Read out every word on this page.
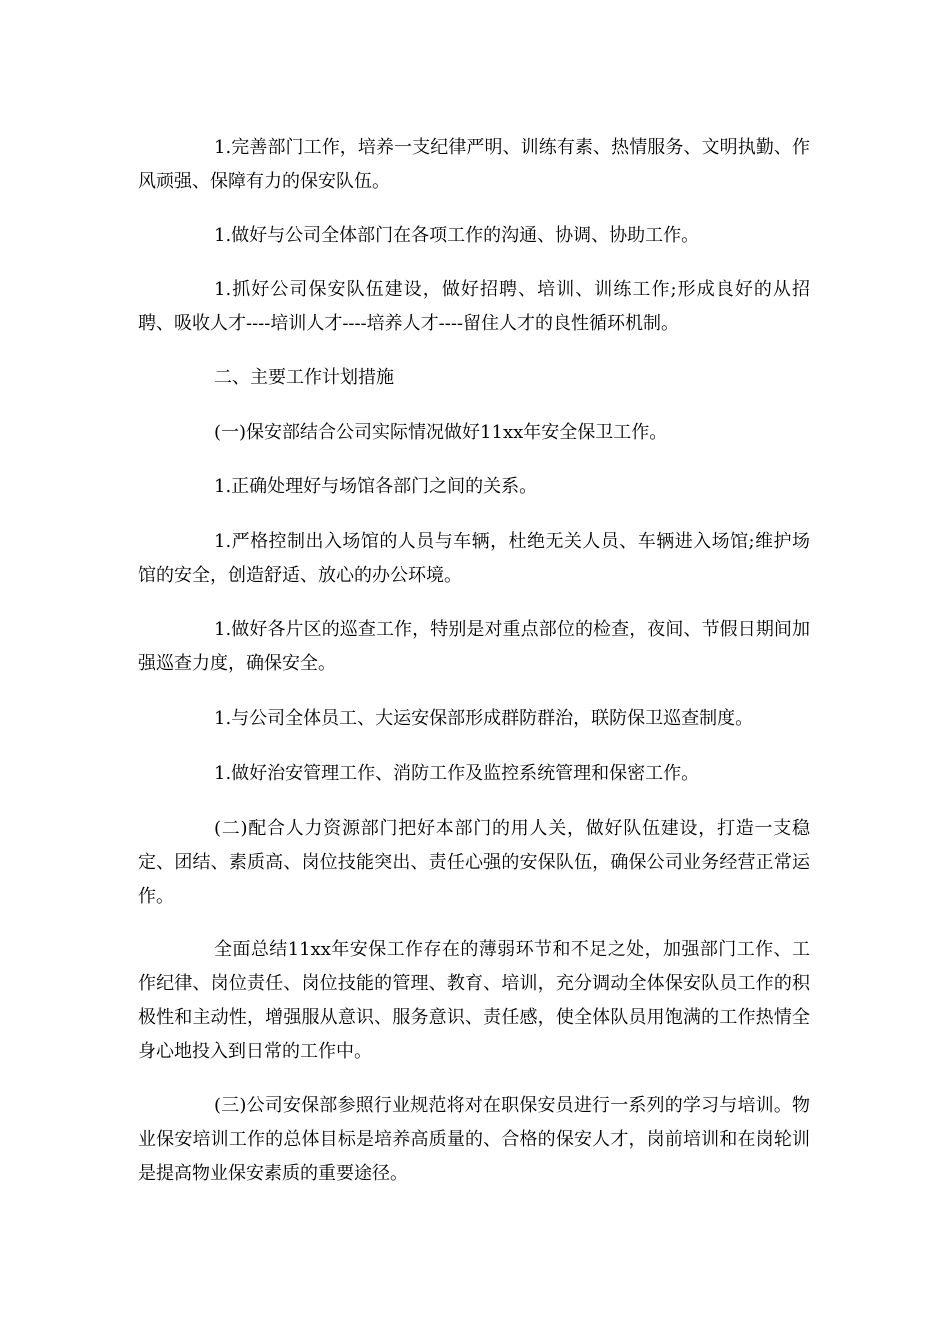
1.完善部门工作，培养一支纪律严明、训练有素、热情服务、文明执勤、作风顽强、保障有力的保安队伍。

1.做好与公司全体部门在各项工作的沟通、协调、协助工作。

1.抓好公司保安队伍建设，做好招聘、培训、训练工作;形成良好的从招聘、吸收人才----培训人才----培养人才----留住人才的良性循环机制。

二、主要工作计划措施

(一)保安部结合公司实际情况做好11xx年安全保卫工作。

1.正确处理好与场馆各部门之间的关系。

1.严格控制出入场馆的人员与车辆，杜绝无关人员、车辆进入场馆;维护场馆的安全，创造舒适、放心的办公环境。

1.做好各片区的巡查工作，特别是对重点部位的检查，夜间、节假日期间加强巡查力度，确保安全。

1.与公司全体员工、大运安保部形成群防群治，联防保卫巡查制度。

1.做好治安管理工作、消防工作及监控系统管理和保密工作。

(二)配合人力资源部门把好本部门的用人关，做好队伍建设，打造一支稳定、团结、素质高、岗位技能突出、责任心强的安保队伍，确保公司业务经营正常运作。

全面总结11xx年安保工作存在的薄弱环节和不足之处，加强部门工作、工作纪律、岗位责任、岗位技能的管理、教育、培训，充分调动全体保安队员工作的积极性和主动性，增强服从意识、服务意识、责任感，使全体队员用饱满的工作热情全身心地投入到日常的工作中。

(三)公司安保部参照行业规范将对在职保安员进行一系列的学习与培训。物业保安培训工作的总体目标是培养高质量的、合格的保安人才，岗前培训和在岗轮训是提高物业保安素质的重要途径。
